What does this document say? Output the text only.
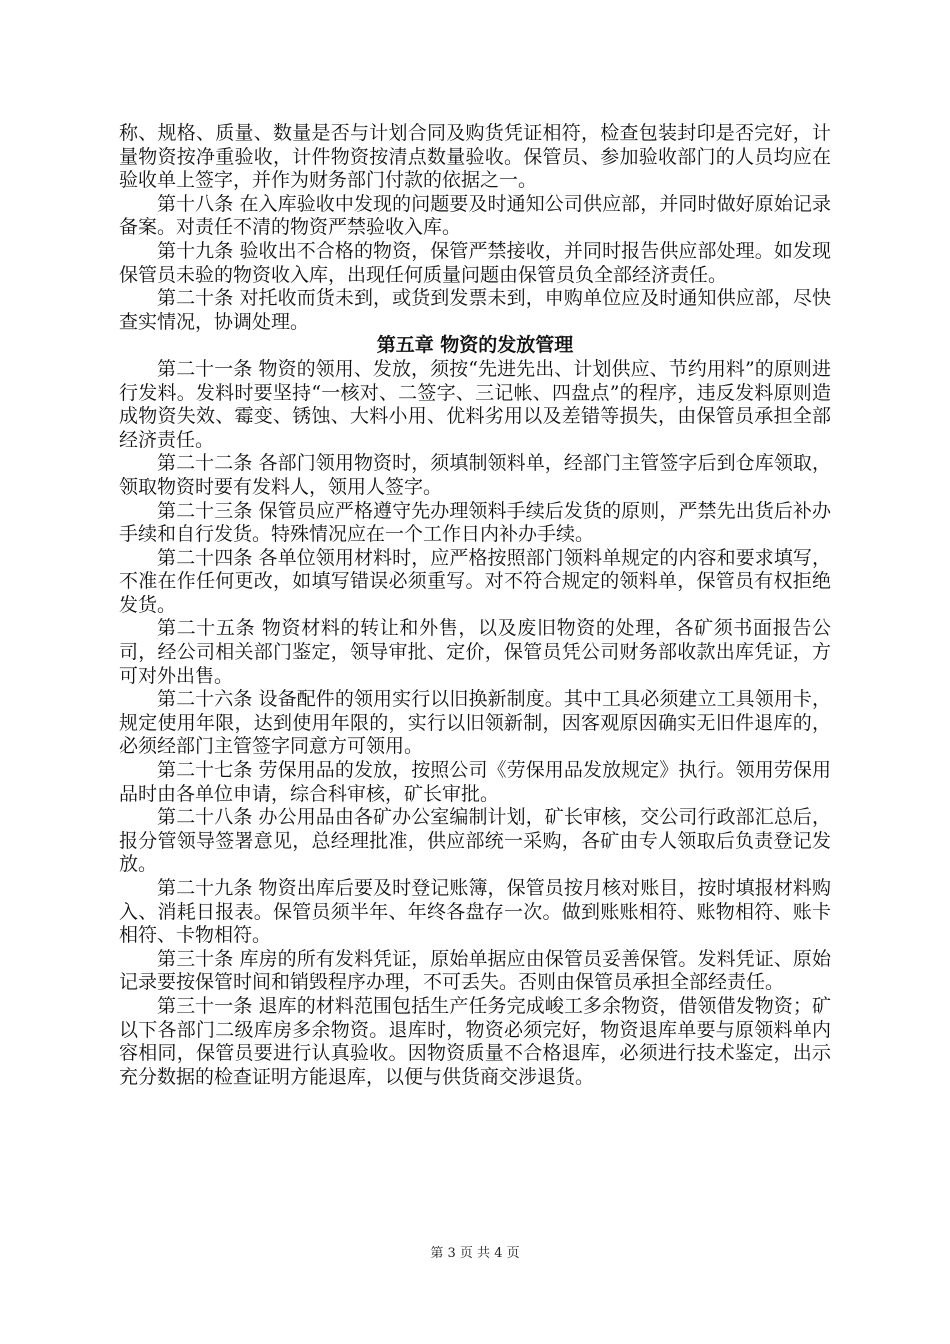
称、规格、质量、数量是否与计划合同及购货凭证相符，检查包装封印是否完好，计量物资按净重验收，计件物资按清点数量验收。保管员、参加验收部门的人员均应在验收单上签字，并作为财务部门付款的依据之一。

第十八条 在入库验收中发现的问题要及时通知公司供应部，并同时做好原始记录备案。对责任不清的物资严禁验收入库。

第十九条 验收出不合格的物资，保管严禁接收，并同时报告供应部处理。如发现保管员未验的物资收入库，出现任何质量问题由保管员负全部经济责任。

第二十条 对托收而货未到，或货到发票未到，申购单位应及时通知供应部，尽快查实情况，协调处理。

第五章 物资的发放管理

第二十一条 物资的领用、发放，须按“先进先出、计划供应、节约用料”的原则进行发料。发料时要坚持“一核对、二签字、三记帐、四盘点”的程序，违反发料原则造成物资失效、霉变、锈蚀、大料小用、优料劣用以及差错等损失，由保管员承担全部经济责任。

第二十二条 各部门领用物资时，须填制领料单，经部门主管签字后到仓库领取，领取物资时要有发料人，领用人签字。

第二十三条 保管员应严格遵守先办理领料手续后发货的原则，严禁先出货后补办手续和自行发货。特殊情况应在一个工作日内补办手续。

第二十四条 各单位领用材料时，应严格按照部门领料单规定的内容和要求填写，不准在作任何更改，如填写错误必须重写。对不符合规定的领料单，保管员有权拒绝发货。

第二十五条 物资材料的转让和外售，以及废旧物资的处理，各矿须书面报告公司，经公司相关部门鉴定，领导审批、定价，保管员凭公司财务部收款出库凭证，方可对外出售。

第二十六条 设备配件的领用实行以旧换新制度。其中工具必须建立工具领用卡，规定使用年限，达到使用年限的，实行以旧领新制，因客观原因确实无旧件退库的，必须经部门主管签字同意方可领用。

第二十七条 劳保用品的发放，按照公司《劳保用品发放规定》执行。领用劳保用品时由各单位申请，综合科审核，矿长审批。

第二十八条 办公用品由各矿办公室编制计划，矿长审核，交公司行政部汇总后，报分管领导签署意见，总经理批准，供应部统一采购，各矿由专人领取后负责登记发放。

第二十九条 物资出库后要及时登记账簿，保管员按月核对账目，按时填报材料购入、消耗日报表。保管员须半年、年终各盘存一次。做到账账相符、账物相符、账卡相符、卡物相符。

第三十条 库房的所有发料凭证，原始单据应由保管员妥善保管。发料凭证、原始记录要按保管时间和销毁程序办理，不可丢失。否则由保管员承担全部经责任。

第三十一条 退库的材料范围包括生产任务完成峻工多余物资，借领借发物资；矿以下各部门二级库房多余物资。退库时，物资必须完好，物资退库单要与原领料单内容相同，保管员要进行认真验收。因物资质量不合格退库，必须进行技术鉴定，出示充分数据的检查证明方能退库，以便与供货商交涉退货。

第 3 页 共 4 页
